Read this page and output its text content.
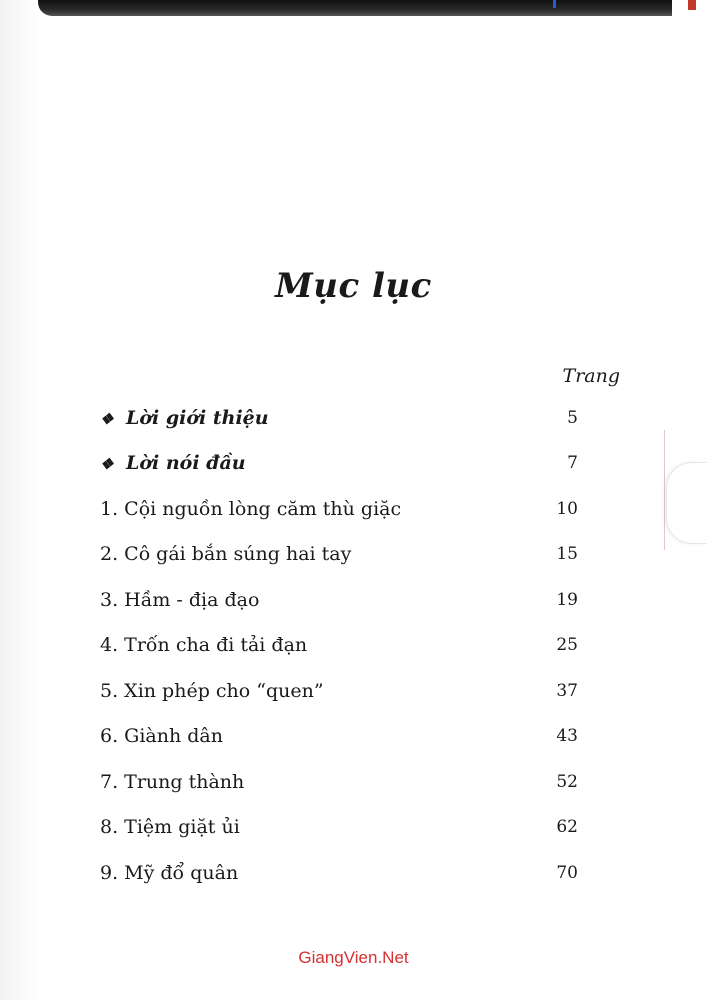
Mục lục
Trang
❖ Lời giới thiệu	5
❖ Lời nói đầu	7
1. Cội nguồn lòng căm thù giặc	10
2. Cô gái bắn súng hai tay	15
3. Hầm - địa đạo	19
4. Trốn cha đi tải đạn	25
5. Xin phép cho “quen”	37
6. Giành dân	43
7. Trung thành	52
8. Tiệm giặt ủi	62
9. Mỹ đổ quân	70
GiangVien.Net
